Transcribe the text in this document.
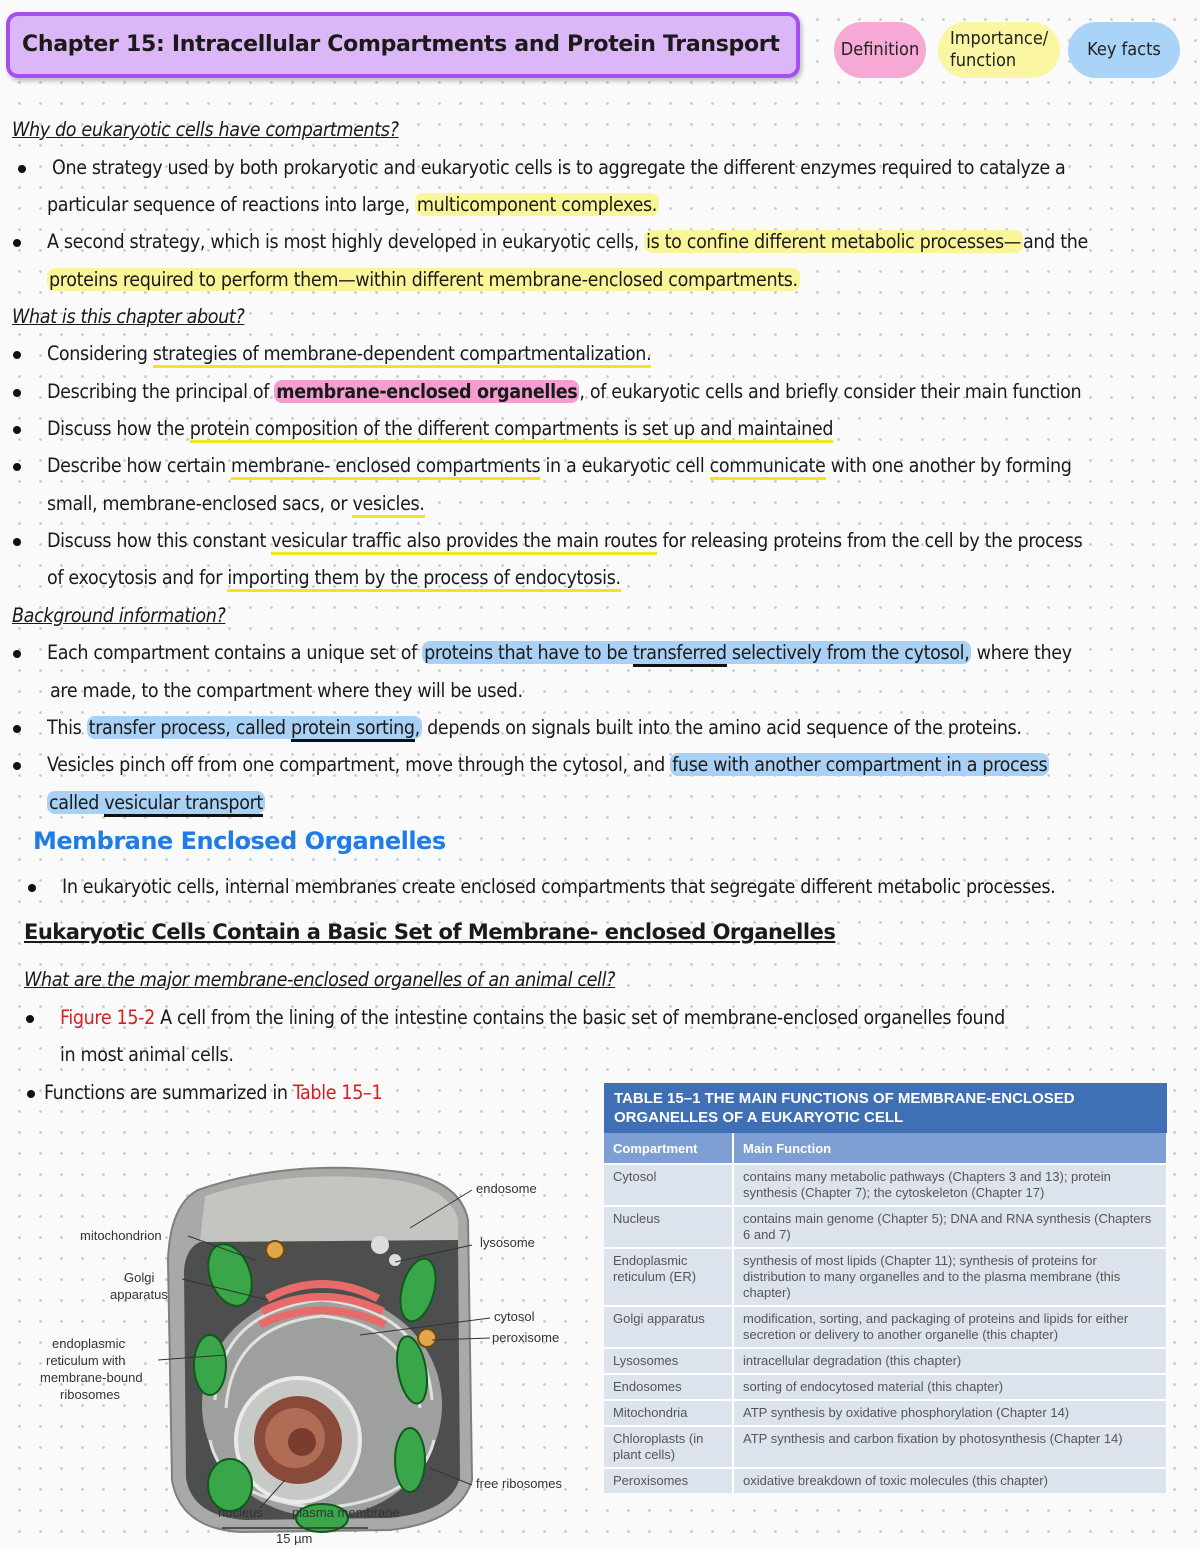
Chapter 15: Intracellular Compartments and Protein Transport	Definition
Importance/
function
Key facts
Why do eukaryotic cells have compartments?
One strategy used by both prokaryotic and eukaryotic cells is to aggregate the different enzymes required to catalyze a
particular sequence of reactions into large, multicomponent complexes.
A second strategy, which is most highly developed in eukaryotic cells, is to confine different metabolic processes— and the
proteins required to perform them—within different membrane-enclosed compartments.
What is this chapter about?
Considering strategies of membrane-dependent compartmentalization.
Describing the principal of membrane-enclosed organelles , of eukaryotic cells and briefly consider their main function
Discuss how the protein composition of the different compartments is set up and maintained
Describe how certain membrane- enclosed compartments in a eukaryotic cell communicate with one another by forming
small, membrane-enclosed sacs, or vesicles.
Discuss how this constant vesicular traffic also provides the main routes for releasing proteins from the cell by the process
of exocytosis and for importing them by the process of endocytosis.
Background information?
Each compartment contains a unique set of proteins that have to be transferred selectively from the cytosol, where they
are made, to the compartment where they will be used.
This transfer process, called protein sorting, depends on signals built into the amino acid sequence of the proteins.
Vesicles pinch off from one compartment, move through the cytosol, and fuse with another compartment in a process
called vesicular transport
Membrane Enclosed Organelles
In eukaryotic cells, internal membranes create enclosed compartments that segregate different metabolic processes.
Eukaryotic Cells Contain a Basic Set of Membrane- enclosed Organelles
What are the major membrane-enclosed organelles of an animal cell?
Figure 15-2 A cell from the lining of the intestine contains the basic set of membrane-enclosed organelles found
in most animal cells.
Functions are summarized in Table 15–1
endosome
mitochondrion	lysosome
Golgi
apparatus
cytosol
peroxisome
endoplasmic
reticulum with
membrane-bound
ribosomes
free ribosomes
nucleus plasma membrane
15 µm
TABLE 15–1 THE MAIN FUNCTIONS OF MEMBRANE-ENCLOSED
ORGANELLES OF A EUKARYOTIC CELL	
Compartment	Main Function
Cytosol	contains many metabolic pathways (Chapters 3 and 13); protein synthesis (Chapter 7); the cytoskeleton (Chapter 17)
Nucleus	contains main genome (Chapter 5); DNA and RNA synthesis (Chapters 6 and 7)
Endoplasmic reticulum (ER)	synthesis of most lipids (Chapter 11); synthesis of proteins for distribution to many organelles and to the plasma membrane (this chapter)
Golgi apparatus	modification, sorting, and packaging of proteins and lipids for either secretion or delivery to another organelle (this chapter)
Lysosomes	intracellular degradation (this chapter)
Endosomes	sorting of endocytosed material (this chapter)
Mitochondria	ATP synthesis by oxidative phosphorylation (Chapter 14)
Chloroplasts (in plant cells)	ATP synthesis and carbon fixation by photosynthesis (Chapter 14)
Peroxisomes	oxidative breakdown of toxic molecules (this chapter)
